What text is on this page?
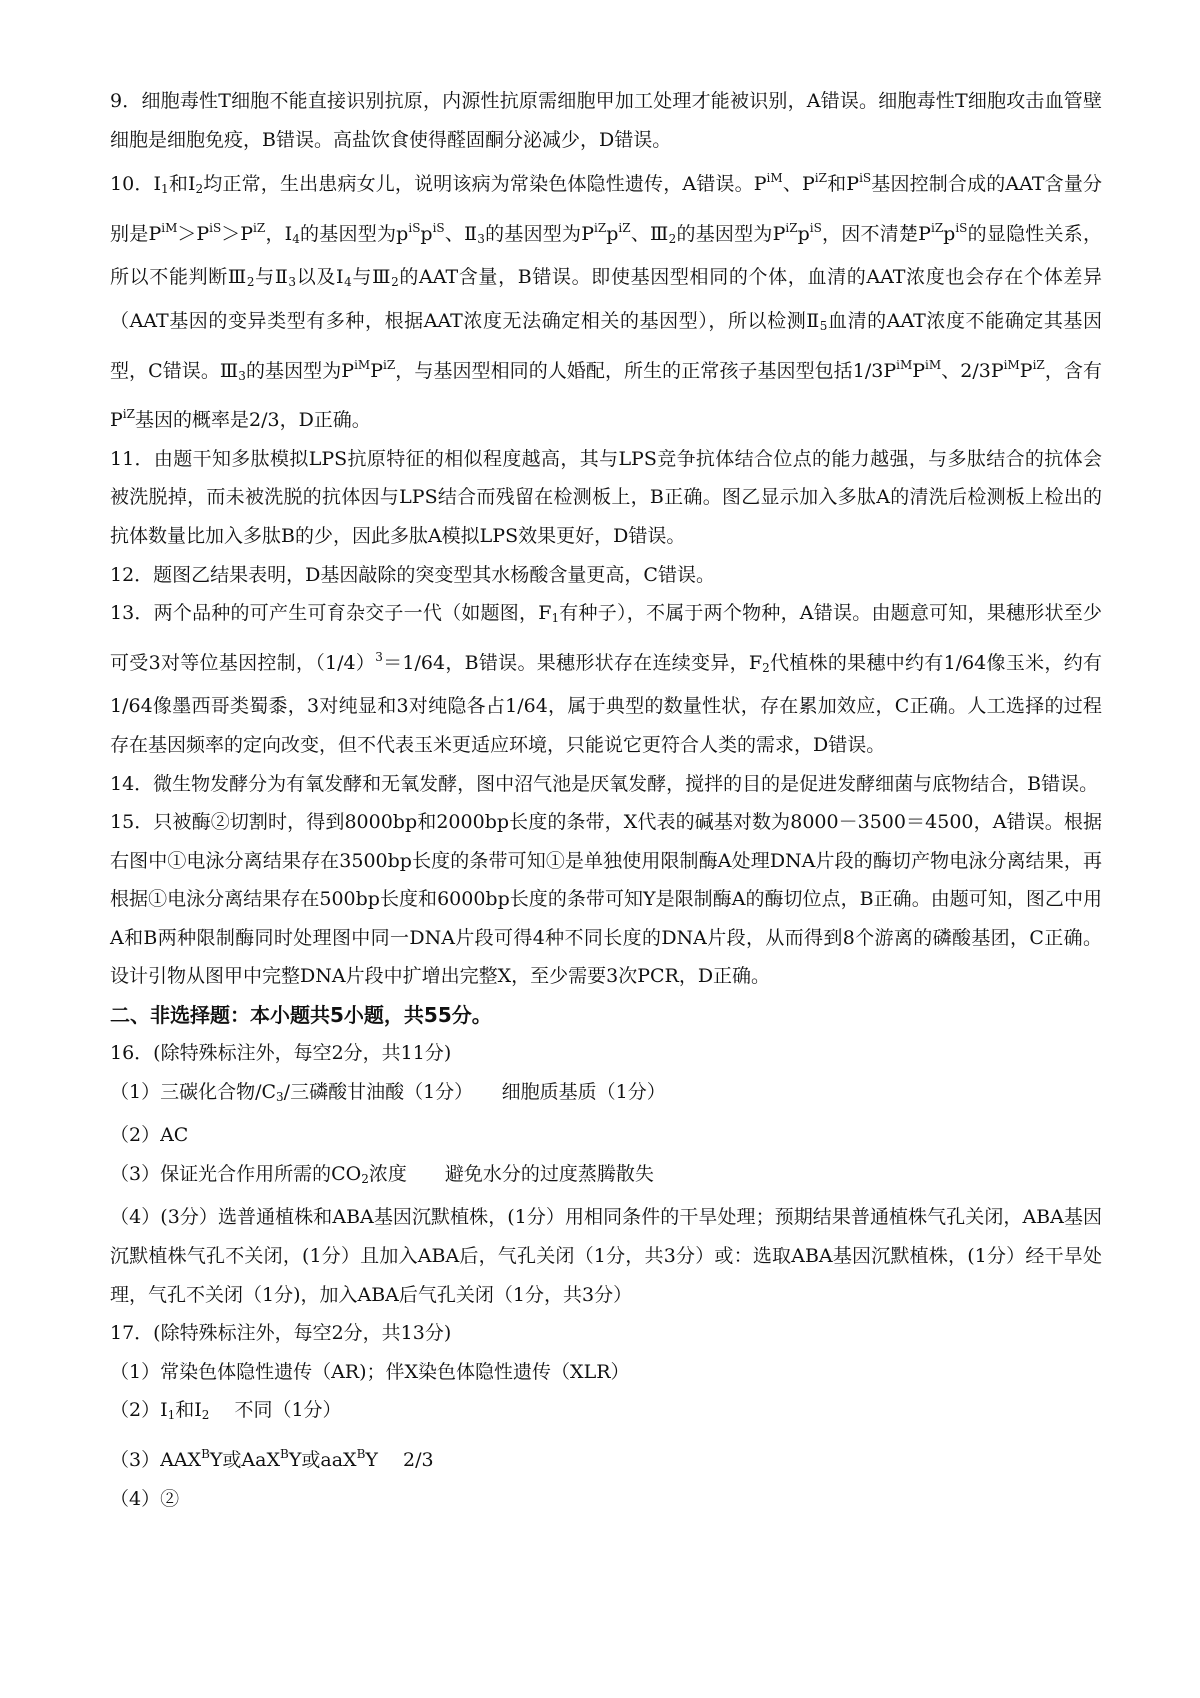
9．细胞毒性T细胞不能直接识别抗原，内源性抗原需细胞甲加工处理才能被识别，A错误。细胞毒性T细胞攻击血管壁细胞是细胞免疫，B错误。高盐饮食使得醛固酮分泌减少，D错误。

10．$I_1$和$I_2$均正常，生出患病女儿，说明该病为常染色体隐性遗传，A错误。$P^{iM}$、$P^{iZ}$和$P^{iS}$基因控制合成的AAT含量分别是$P^{iM}>P^{iS}>P^{iZ}$，$I_4$的基因型为$p^{iS}p^{iS}$、$Ⅱ_3$的基因型为$P^{iZ}p^{iZ}$、$Ⅲ_2$的基因型为$P^{iZ}p^{iS}$，因不清楚$P^{iZ}p^{iS}$的显隐性关系，所以不能判断$Ⅲ_2$与$Ⅱ_3$以及$Ⅰ_4$与$Ⅲ_2$的AAT含量，B错误。即使基因型相同的个体，血清的AAT浓度也会存在个体差异（AAT基因的变异类型有多种，根据AAT浓度无法确定相关的基因型），所以检测$Ⅱ_5$血清的AAT浓度不能确定其基因型，C错误。$Ⅲ_3$的基因型为$P^{iM}P^{iZ}$，与基因型相同的人婚配，所生的正常孩子基因型包括$1/3P^{iM}P^{iM}$、$2/3P^{iM}P^{iZ}$，含有$P^{iZ}$基因的概率是2/3，D正确。

11．由题干知多肽模拟LPS抗原特征的相似程度越高，其与LPS竞争抗体结合位点的能力越强，与多肽结合的抗体会被洗脱掉，而未被洗脱的抗体因与LPS结合而残留在检测板上，B正确。图乙显示加入多肽A的清洗后检测板上检出的抗体数量比加入多肽B的少，因此多肽A模拟LPS效果更好，D错误。

12．题图乙结果表明，D基因敲除的突变型其水杨酸含量更高，C错误。

13．两个品种的可产生可育杂交子一代（如题图，$F_1$有种子），不属于两个物种，A错误。由题意可知，果穗形状至少可受3对等位基因控制，$(1/4)^3=1/64$，B错误。果穗形状存在连续变异，$F_2$代植株的果穗中约有1/64像玉米，约有1/64像墨西哥类蜀黍，3对纯显和3对纯隐各占1/64，属于典型的数量性状，存在累加效应，C正确。人工选择的过程存在基因频率的定向改变，但不代表玉米更适应环境，只能说它更符合人类的需求，D错误。

14．微生物发酵分为有氧发酵和无氧发酵，图中沼气池是厌氧发酵，搅拌的目的是促进发酵细菌与底物结合，B错误。

15．只被酶②切割时，得到8000bp和2000bp长度的条带，X代表的碱基对数为8000－3500＝4500，A错误。根据右图中①电泳分离结果存在3500bp长度的条带可知①是单独使用限制酶A处理DNA片段的酶切产物电泳分离结果，再根据①电泳分离结果存在500bp长度和6000bp长度的条带可知Y是限制酶A的酶切位点，B正确。由题可知，图乙中用A和B两种限制酶同时处理图中同一DNA片段可得4种不同长度的DNA片段，从而得到8个游离的磷酸基团，C正确。设计引物从图甲中完整DNA片段中扩增出完整X，至少需要3次PCR，D正确。

二、非选择题：本小题共5小题，共55分。

16．(除特殊标注外，每空2分，共11分)

（1）三碳化合物$/C_3/$三磷酸甘油酸（1分）　　细胞质基质（1分）

（2）AC

（3）保证光合作用所需的$CO_2$浓度　　避免水分的过度蒸腾散失

（4）(3分）选普通植株和ABA基因沉默植株，(1分）用相同条件的干旱处理；预期结果普通植株气孔关闭，ABA基因沉默植株气孔不关闭，(1分）且加入ABA后，气孔关闭（1分，共3分）或：选取ABA基因沉默植株，(1分）经干旱处理，气孔不关闭（1分)，加入ABA后气孔关闭（1分，共3分）

17．(除特殊标注外，每空2分，共13分)

（1）常染色体隐性遗传（AR)；伴X染色体隐性遗传（XLR）

$(2)I_1$和$I_2$　 不同（1分）

$(3)AAX^BY$或AaX$^B$Y或aaX$^B$Y　 2/3

（4）②
